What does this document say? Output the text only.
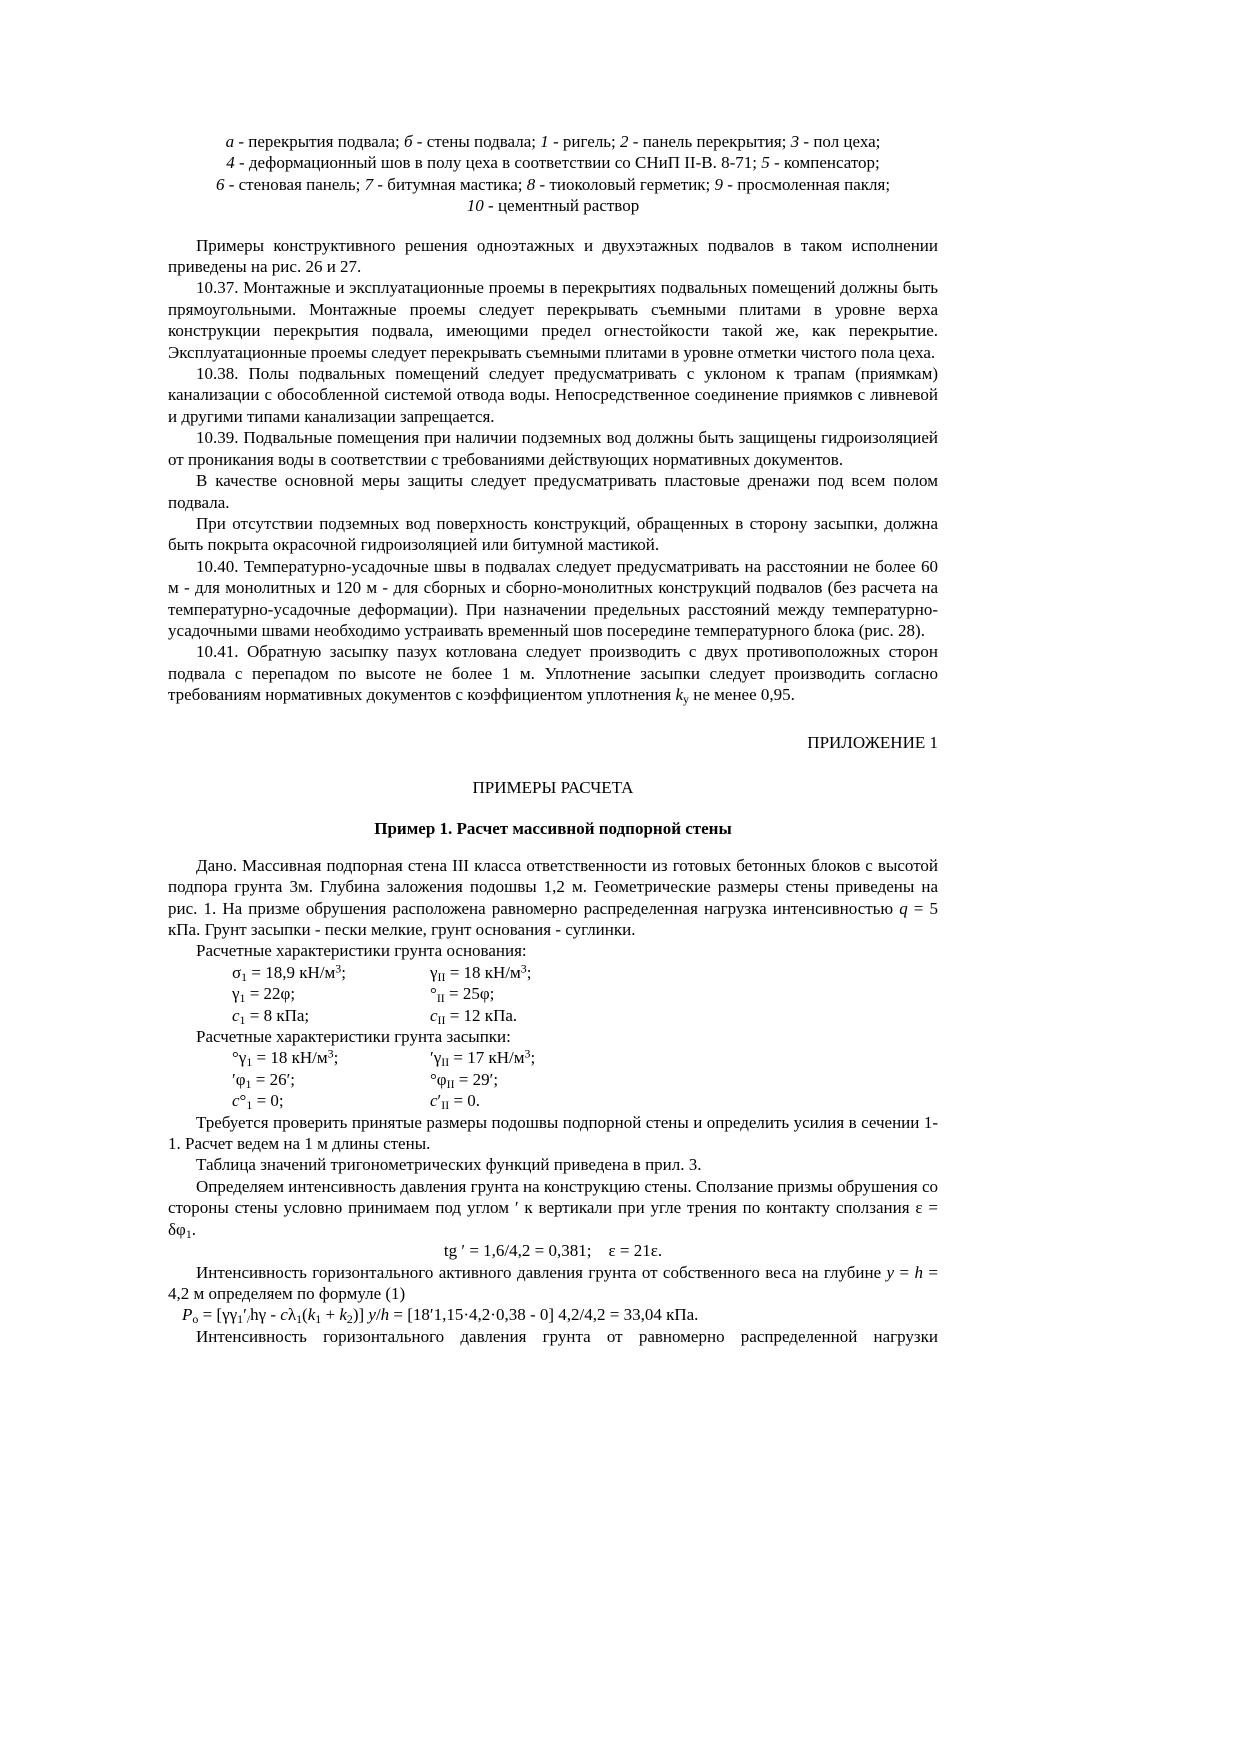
а - перекрытия подвала; б - стены подвала; 1 - ригель; 2 - панель перекрытия; 3 - пол цеха;
4 - деформационный шов в полу цеха в соответствии со СНиП II-В. 8-71; 5 - компенсатор;
6 - стеновая панель; 7 - битумная мастика; 8 - тиоколовый герметик; 9 - просмоленная пакля;
10 - цементный раствор
Примеры конструктивного решения одноэтажных и двухэтажных подвалов в таком исполнении приведены на рис. 26 и 27.
10.37. Монтажные и эксплуатационные проемы в перекрытиях подвальных помещений должны быть прямоугольными. Монтажные проемы следует перекрывать съемными плитами в уровне верха конструкции перекрытия подвала, имеющими предел огнестойкости такой же, как перекрытие. Эксплуатационные проемы следует перекрывать съемными плитами в уровне отметки чистого пола цеха.
10.38. Полы подвальных помещений следует предусматривать с уклоном к трапам (приямкам) канализации с обособленной системой отвода воды. Непосредственное соединение приямков с ливневой и другими типами канализации запрещается.
10.39. Подвальные помещения при наличии подземных вод должны быть защищены гидроизоляцией от проникания воды в соответствии с требованиями действующих нормативных документов.
В качестве основной меры защиты следует предусматривать пластовые дренажи под всем полом подвала.
При отсутствии подземных вод поверхность конструкций, обращенных в сторону засыпки, должна быть покрыта окрасочной гидроизоляцией или битумной мастикой.
10.40. Температурно-усадочные швы в подвалах следует предусматривать на расстоянии не более 60 м - для монолитных и 120 м - для сборных и сборно-монолитных конструкций подвалов (без расчета на температурно-усадочные деформации). При назначении предельных расстояний между температурно-усадочными швами необходимо устраивать временный шов посередине температурного блока (рис. 28).
10.41. Обратную засыпку пазух котлована следует производить с двух противоположных сторон подвала с перепадом по высоте не более 1 м. Уплотнение засыпки следует производить согласно требованиям нормативных документов с коэффициентом уплотнения $k_у$ не менее 0,95.
ПРИЛОЖЕНИЕ 1
ПРИМЕРЫ РАСЧЕТА
Пример 1. Расчет массивной подпорной стены
Дано. Массивная подпорная стена III класса ответственности из готовых бетонных блоков с высотой подпора грунта 3м. Глубина заложения подошвы 1,2 м. Геометрические размеры стены приведены на рис. 1. На призме обрушения расположена равномерно распределенная нагрузка интенсивностью q = 5 кПа. Грунт засыпки - пески мелкие, грунт основания - суглинки.
Расчетные характеристики грунта основания:
$\sigma_1 = 18,9$ $кН/м^3$;	$\gamma_{II} = 18$ $кН/м^3$;
$\gamma_1 = 22\varphi$;	$^\circ_{II} = 25\varphi$;
$с_1 = 8$ кПа;	$с_{II} = 12$ кПа.
Расчетные характеристики грунта засыпки:
$^\circ\gamma_1 = 18$ $кН/м^3$;	$'\gamma_{II} = 17$ $кН/м^3$;
$'\varphi_1 = 26'$;	$^\circ\varphi_{II} = 29'$;
$с^\circ_1 = 0$;	$с'_{II} = 0$.
Требуется проверить принятые размеры подошвы подпорной стены и определить усилия в сечении 1-1. Расчет ведем на 1 м длины стены.
Таблица значений тригонометрических функций приведена в прил. 3.
Определяем интенсивность давления грунта на конструкцию стены. Сползание призмы обрушения со стороны стены условно принимаем под углом ′ к вертикали при угле трения по контакту сползания $\varepsilon = \delta\varphi_1$.
tg ′ = 1,6/4,2 = 0,381;    ε = 21ε.
Интенсивность горизонтального активного давления грунта от собственного веса на глубине у = h = 4,2 м определяем по формуле (1)
$Р_о = [\gamma\gamma_1'_/h\gamma - с\lambda_1(k_1 + k_2)] у/h = [18'1,15\cdot 4,2\cdot 0,38 - 0] 4,2/4,2 = 33,04$ кПа.
Интенсивность горизонтального давления грунта от равномерно распределенной нагрузки
